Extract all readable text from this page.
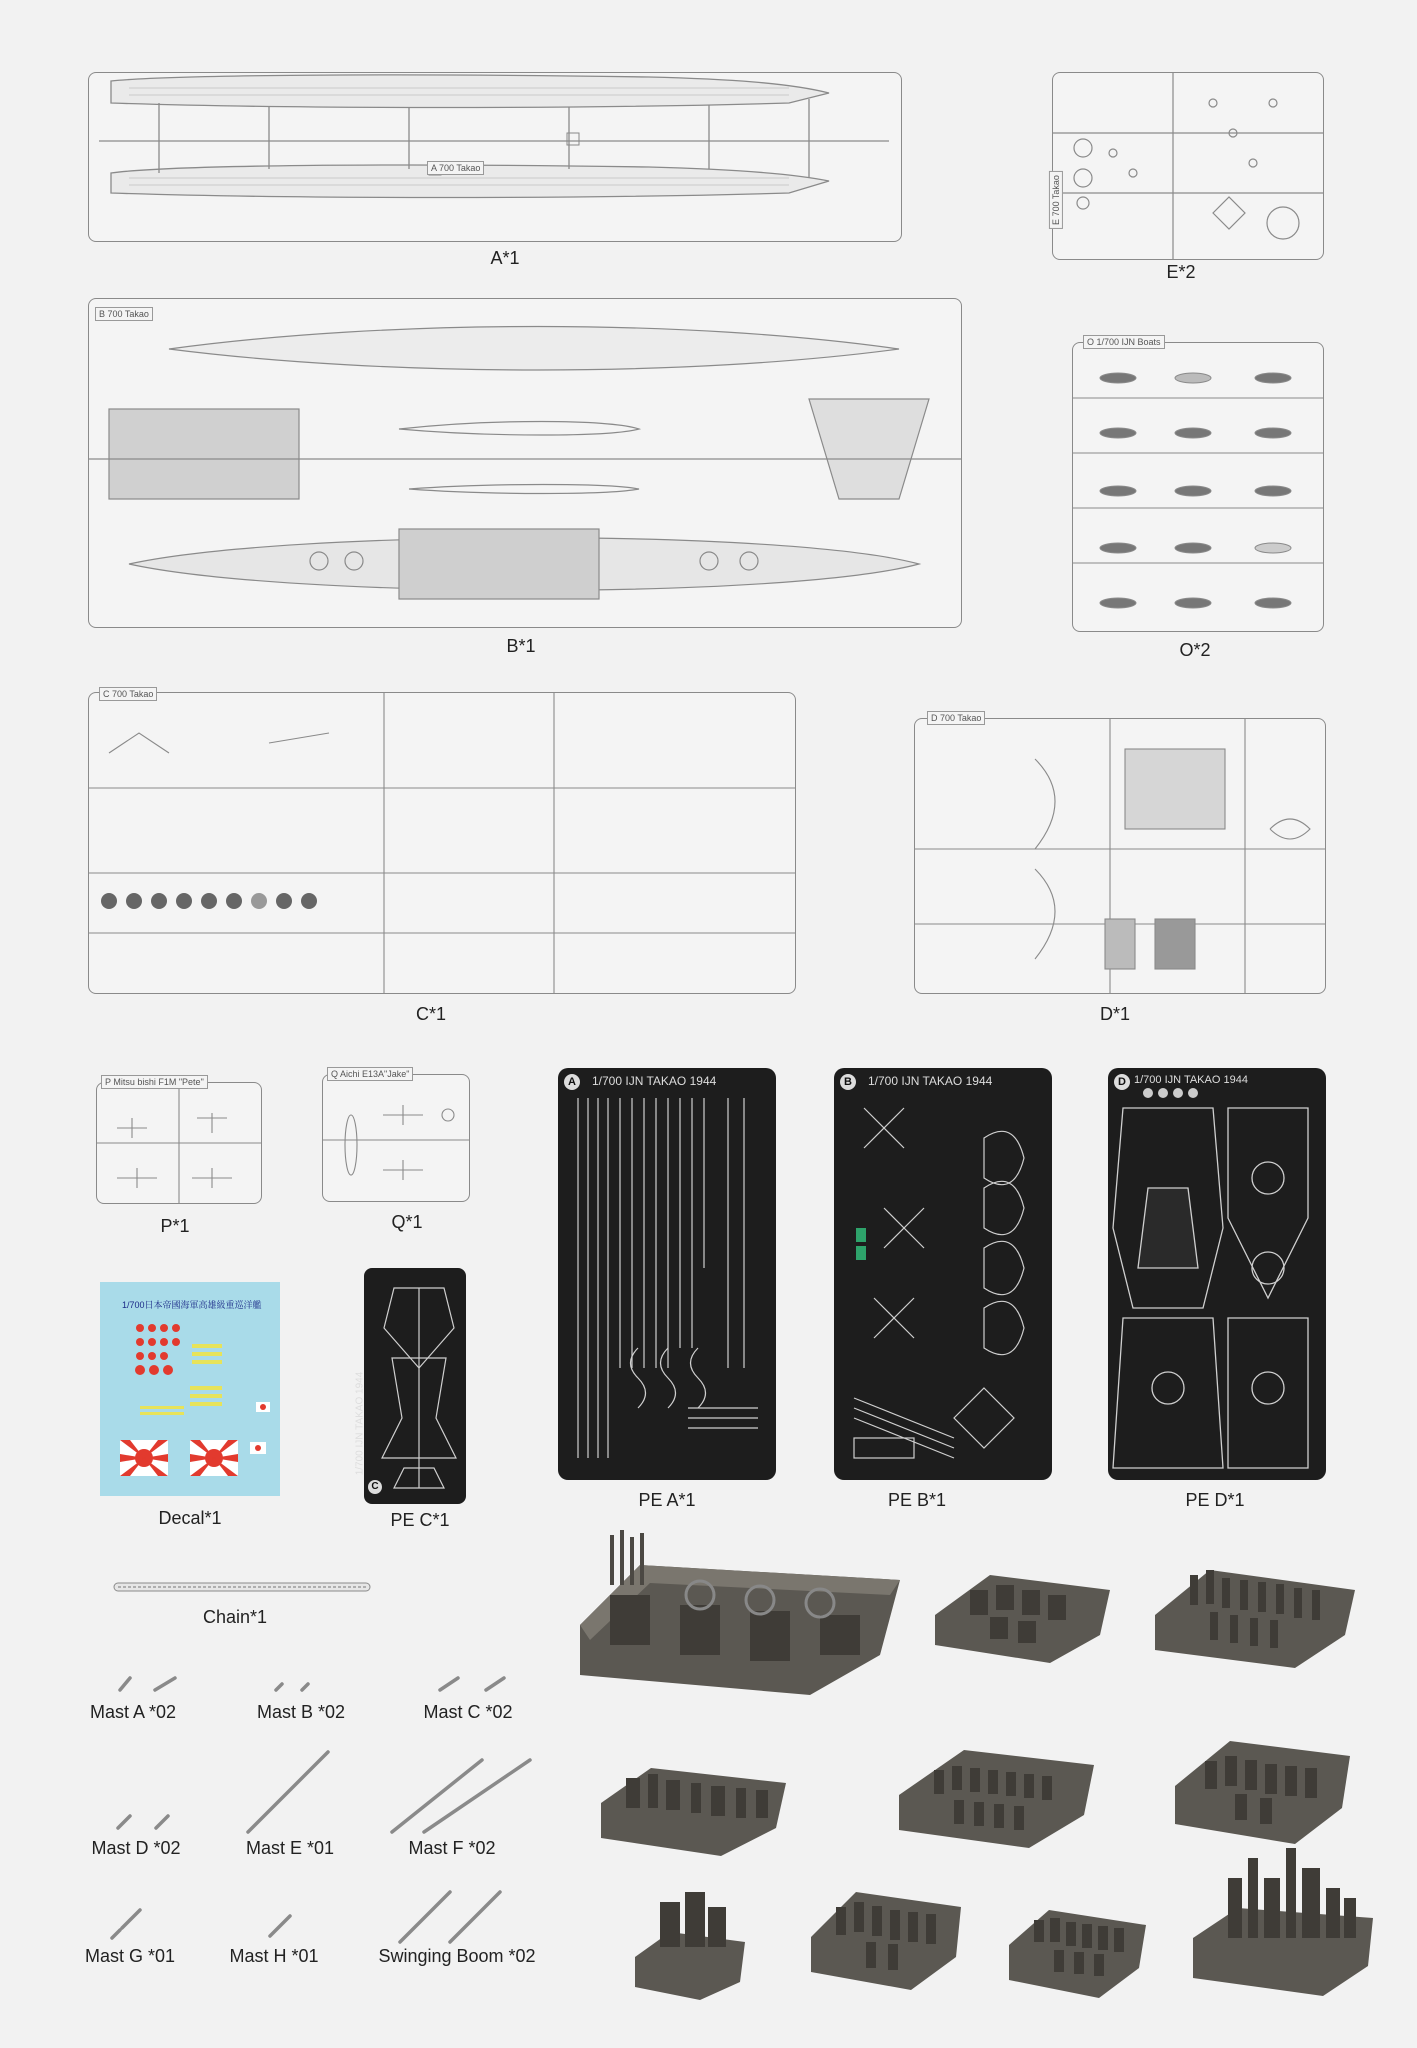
A 700 Takao
A*1
E 700 Takao
E*2
B 700 Takao
B*1
O 1/700 IJN Boats
O*2
C 700 Takao
C*1
D 700 Takao
D*1
P Mitsu bishi F1M "Pete"
P*1
Q Aichi E13A"Jake"
Q*1
A	1/700 IJN TAKAO 1944
PE A*1
B	1/700 IJN TAKAO 1944
PE B*1
D 1/700 IJN TAKAO 1944
PE D*1
1/700日本帝國海軍高雄級重巡洋艦
Decal*1
1/700 IJN TAKAO 1944
C
PE C*1
Chain*1
Mast A *02	Mast B *02	Mast C *02
Mast D *02	Mast E *01	Mast F *02
Mast G *01	Mast H *01	Swinging Boom *02
